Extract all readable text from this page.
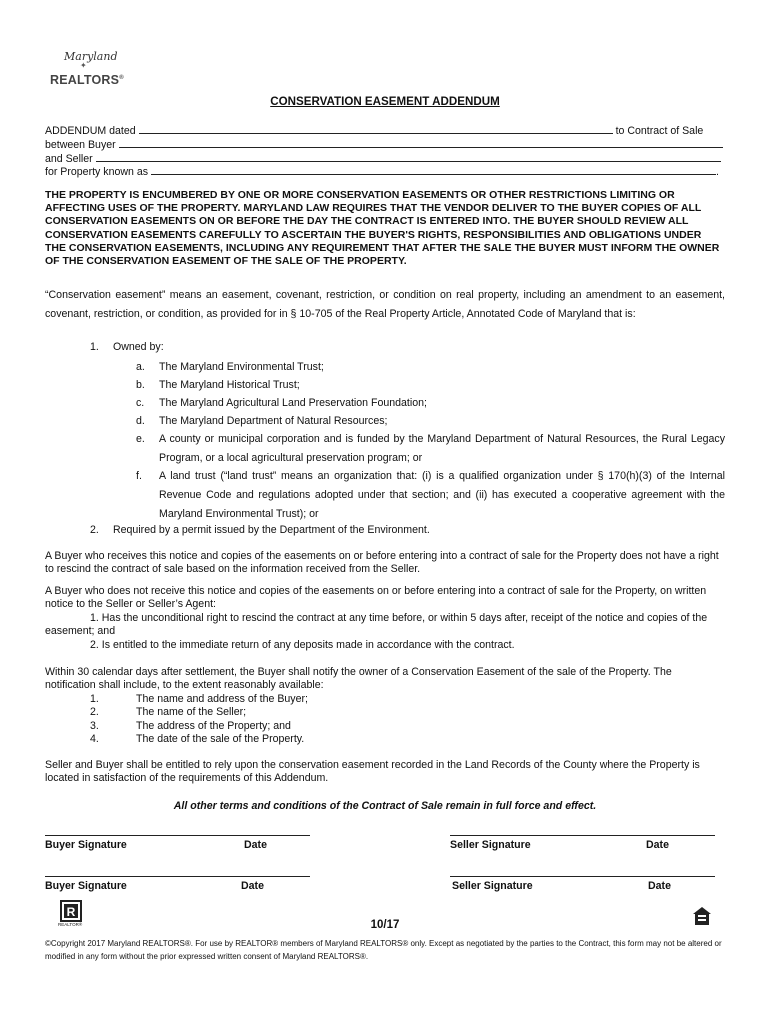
Maryland
✦
REALTORS®
CONSERVATION EASEMENT ADDENDUM
ADDENDUM dated	to Contract of Sale
between Buyer
and Seller
for Property known as	.
THE PROPERTY IS ENCUMBERED BY ONE OR MORE CONSERVATION EASEMENTS OR OTHER RESTRICTIONS LIMITING OR AFFECTING USES OF THE PROPERTY. MARYLAND LAW REQUIRES THAT THE VENDOR DELIVER TO THE BUYER COPIES OF ALL CONSERVATION EASEMENTS ON OR BEFORE THE DAY THE CONTRACT IS ENTERED INTO. THE BUYER SHOULD REVIEW ALL CONSERVATION EASEMENTS CAREFULLY TO ASCERTAIN THE BUYER'S RIGHTS, RESPONSIBILITIES AND OBLIGATIONS UNDER THE CONSERVATION EASEMENTS, INCLUDING ANY REQUIREMENT THAT AFTER THE SALE THE BUYER MUST INFORM THE OWNER OF THE CONSERVATION EASEMENT OF THE SALE OF THE PROPERTY.
“Conservation easement” means an easement, covenant, restriction, or condition on real property, including an amendment to an easement, covenant, restriction, or condition, as provided for in § 10-705 of the Real Property Article, Annotated Code of Maryland that is:
1. Owned by:
a. The Maryland Environmental Trust;
b. The Maryland Historical Trust;
c. The Maryland Agricultural Land Preservation Foundation;
d. The Maryland Department of Natural Resources;
e. A county or municipal corporation and is funded by the Maryland Department of Natural Resources, the Rural Legacy Program, or a local agricultural preservation program; or
f. A land trust (“land trust” means an organization that: (i) is a qualified organization under § 170(h)(3) of the Internal Revenue Code and regulations adopted under that section; and (ii) has executed a cooperative agreement with the Maryland Environmental Trust); or
2. Required by a permit issued by the Department of the Environment.
A Buyer who receives this notice and copies of the easements on or before entering into a contract of sale for the Property does not have a right to rescind the contract of sale based on the information received from the Seller.
A Buyer who does not receive this notice and copies of the easements on or before entering into a contract of sale for the Property, on written notice to the Seller or Seller’s Agent:
1. Has the unconditional right to rescind the contract at any time before, or within 5 days after, receipt of the notice and copies of the easement; and
2. Is entitled to the immediate return of any deposits made in accordance with the contract.
Within 30 calendar days after settlement, the Buyer shall notify the owner of a Conservation Easement of the sale of the Property. The notification shall include, to the extent reasonably available:
1.	The name and address of the Buyer;
2.	The name of the Seller;
3.	The address of the Property; and
4.	The date of the sale of the Property.
Seller and Buyer shall be entitled to rely upon the conservation easement recorded in the Land Records of the County where the Property is located in satisfaction of the requirements of this Addendum.
All other terms and conditions of the Contract of Sale remain in full force and effect.
Buyer Signature	Date	Seller Signature	Date
Buyer Signature	Date	Seller Signature	Date
R
REALTOR®	10/17
©Copyright 2017 Maryland REALTORS®. For use by REALTOR® members of Maryland REALTORS® only. Except as negotiated by the parties to the Contract, this form may not be altered or modified in any form without the prior expressed written consent of Maryland REALTORS®.
